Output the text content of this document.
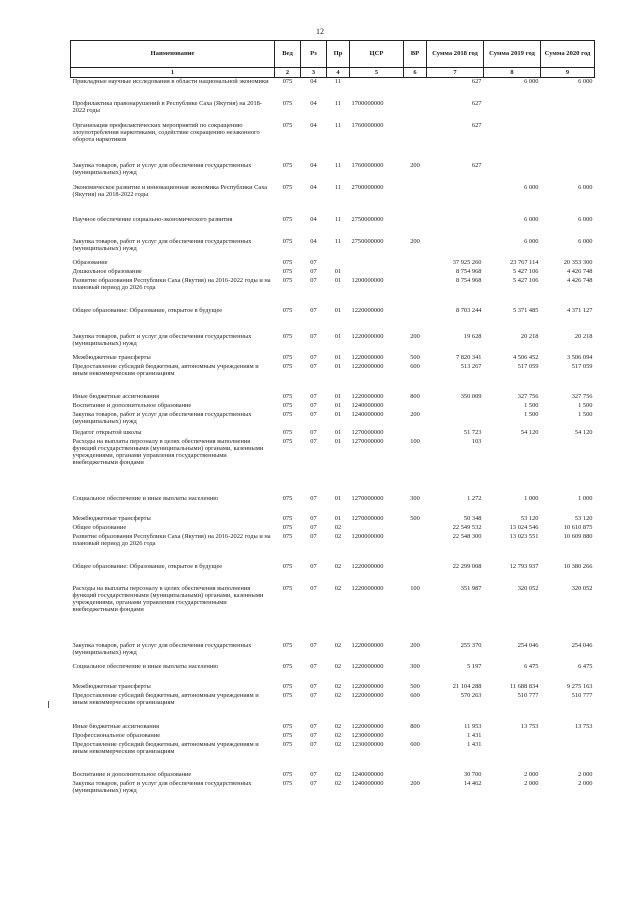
12
Наименование	Вед	Рз	Пр	ЦСР	ВР	Сумма 2018 год	Сумма 2019 год	Сумма 2020 год
1	2	3	4	5	6	7	8	9
Прикладные научные исследования в области национальной экономики	075	04	11			627	6 000	6 000
Профилактика правонарушений в Республике Саха (Якутия) на 2018-2022 годы	075	04	11	1700000000		627		
Организация профилактических мероприятий по сокращению злоупотребления наркотиками, содействие сокращению незаконного оборота наркотиков	075	04	11	1760000000		627		
Закупка товаров, работ и услуг для обеспечения государственных (муниципальных) нужд	075	04	11	1760000000	200	627		
Экономическое развитие и инновационная экономика Республики Саха (Якутия) на 2018-2022 годы	075	04	11	2700000000			6 000	6 000
Научное обеспечение социально-экономического развития	075	04	11	2750000000			6 000	6 000
Закупка товаров, работ и услуг для обеспечения государственных (муниципальных) нужд	075	04	11	2750000000	200		6 000	6 000
Образование	075	07				37 925 260	23 767 114	20 353 300
Дошкольное образование	075	07	01			8 754 968	5 427 106	4 426 748
Развитие образования Республики Саха (Якутия) на 2016-2022 годы и на плановый период до 2026 года	075	07	01	1200000000		8 754 968	5 427 106	4 426 748
Общее образование: Образование, открытое в будущее	075	07	01	1220000000		8 703 244	5 371 485	4 371 127
Закупка товаров, работ и услуг для обеспечения государственных (муниципальных) нужд	075	07	01	1220000000	200	19 628	20 218	20 218
Межбюджетные трансферты	075	07	01	1220000000	500	7 820 341	4 506 452	3 506 094
Предоставление субсидий бюджетным, автономным учреждениям и иным некоммерческим организациям	075	07	01	1220000000	600	513 267	517 059	517 059
Иные бюджетные ассигнования	075	07	01	1220000000	800	350 009	327 756	327 756
Воспитание и дополнительное образование	075	07	01	1240000000			1 500	1 500
Закупка товаров, работ и услуг для обеспечения государственных (муниципальных) нужд	075	07	01	1240000000	200		1 500	1 500
Педагог открытой школы	075	07	01	1270000000		51 723	54 120	54 120
Расходы на выплаты персоналу в целях обеспечения выполнения функций государственными (муниципальными) органами, казенными учреждениями, органами управления государственными внебюджетными фондами	075	07	01	1270000000	100	103		
Социальное обеспечение и иные выплаты населению	075	07	01	1270000000	300	1 272	1 000	1 000
Межбюджетные трансферты	075	07	01	1270000000	500	50 348	53 120	53 120
Общее образование	075	07	02			22 549 532	13 024 546	10 610 875
Развитие образования Республики Саха (Якутия) на 2016-2022 годы и на плановый период до 2026 года	075	07	02	1200000000		22 548 300	13 023 551	10 609 880
Общее образование: Образование, открытое в будущее	075	07	02	1220000000		22 299 008	12 793 937	10 380 266
Расходы на выплаты персоналу в целях обеспечения выполнения функций государственными (муниципальными) органами, казенными учреждениями, органами управления государственными внебюджетными фондами	075	07	02	1220000000	100	351 987	320 052	320 052
Закупка товаров, работ и услуг для обеспечения государственных (муниципальных) нужд	075	07	02	1220000000	200	255 370	254 046	254 046
Социальное обеспечение и иные выплаты населению	075	07	02	1220000000	300	5 197	6 475	6 475
Межбюджетные трансферты	075	07	02	1220000000	500	21 104 288	11 688 834	9 275 163
Предоставление субсидий бюджетным, автономным учреждениям и иным некоммерческим организациям	075	07	02	1220000000	600	570 263	510 777	510 777
Иные бюджетные ассигнования	075	07	02	1220000000	800	11 953	13 753	13 753
Профессиональное образование	075	07	02	1230000000		1 431		
Предоставление субсидий бюджетным, автономным учреждениям и иным некоммерческим организациям	075	07	02	1230000000	600	1 431		
Воспитание и дополнительное образование	075	07	02	1240000000		30 700	2 000	2 000
Закупка товаров, работ и услуг для обеспечения государственных (муниципальных) нужд	075	07	02	1240000000	200	14 462	2 000	2 000
